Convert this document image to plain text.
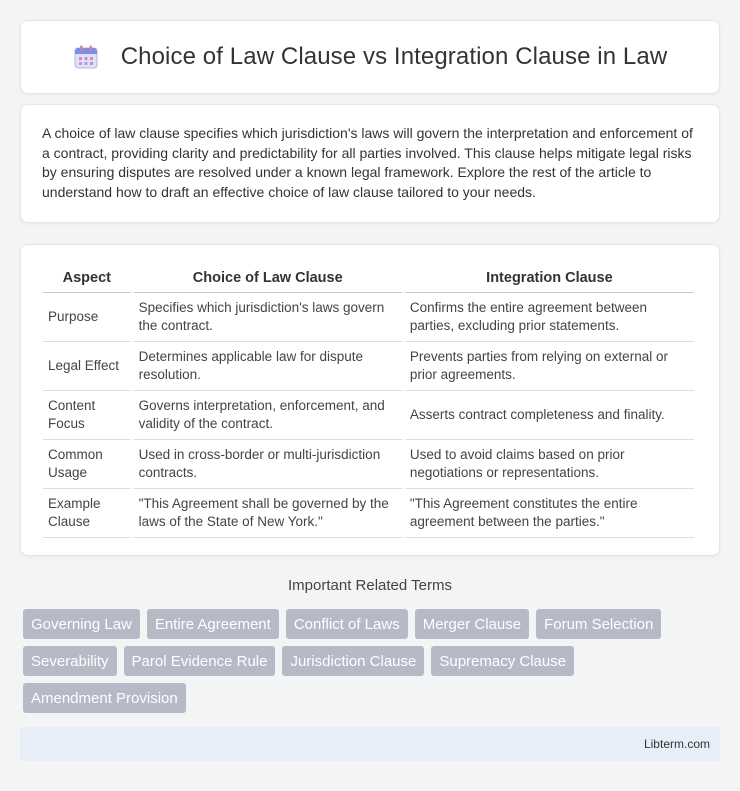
Choice of Law Clause vs Integration Clause in Law

A choice of law clause specifies which jurisdiction's laws will govern the interpretation and enforcement of a contract, providing clarity and predictability for all parties involved. This clause helps mitigate legal risks by ensuring disputes are resolved under a known legal framework. Explore the rest of the article to understand how to draft an effective choice of law clause tailored to your needs.

Aspect	Choice of Law Clause	Integration Clause
Purpose	Specifies which jurisdiction's laws govern the contract.	Confirms the entire agreement between parties, excluding prior statements.
Legal Effect	Determines applicable law for dispute resolution.	Prevents parties from relying on external or prior agreements.
Content Focus	Governs interpretation, enforcement, and validity of the contract.	Asserts contract completeness and finality.
Common Usage	Used in cross-border or multi-jurisdiction contracts.	Used to avoid claims based on prior negotiations or representations.
Example Clause	"This Agreement shall be governed by the laws of the State of New York."	"This Agreement constitutes the entire agreement between the parties."
Important Related Terms
Governing Law	Entire Agreement	Conflict of Laws	Merger Clause	Forum Selection
Severability	Parol Evidence Rule	Jurisdiction Clause	Supremacy Clause
Amendment Provision
Libterm.com
